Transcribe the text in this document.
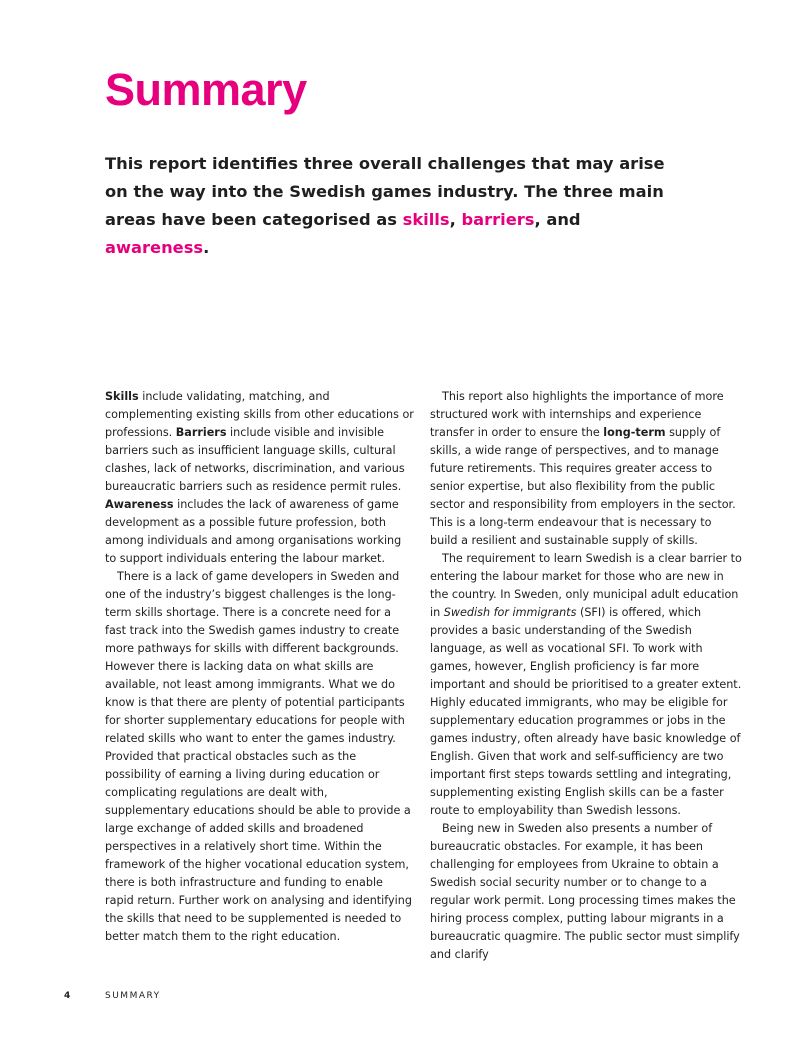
Summary

This report identifies three overall challenges that may arise on the way into the Swedish games industry. The three main areas have been categorised as skills, barriers, and awareness.

Skills include validating, matching, and complementing existing skills from other educations or professions. Barriers include visible and invisible barriers such as insufficient language skills, cultural clashes, lack of networks, discrimination, and various bureaucratic barriers such as residence permit rules. Awareness includes the lack of awareness of game development as a possible future profession, both among individuals and among organisations working to support individuals entering the labour market.

There is a lack of game developers in Sweden and one of the industry’s biggest challenges is the long-term skills shortage. There is a concrete need for a fast track into the Swedish games industry to create more pathways for skills with different backgrounds. However there is lacking data on what skills are available, not least among immigrants. What we do know is that there are plenty of potential participants for shorter supplementary educations for people with related skills who want to enter the games industry. Provided that practical obstacles such as the possibility of earning a living during education or complicating regulations are dealt with, supplementary educations should be able to provide a large exchange of added skills and broadened perspectives in a relatively short time. Within the framework of the higher vocational education system, there is both infrastructure and funding to enable rapid return. Further work on analysing and identifying the skills that need to be supplemented is needed to better match them to the right education.

This report also highlights the importance of more structured work with internships and experience transfer in order to ensure the long-term supply of skills, a wide range of perspectives, and to manage future retirements. This requires greater access to senior expertise, but also flexibility from the public sector and responsibility from employers in the sector. This is a long-term endeavour that is necessary to build a resilient and sustainable supply of skills.

The requirement to learn Swedish is a clear barrier to entering the labour market for those who are new in the country. In Sweden, only municipal adult education in Swedish for immigrants (SFI) is offered, which provides a basic understanding of the Swedish language, as well as vocational SFI. To work with games, however, English proficiency is far more important and should be prioritised to a greater extent. Highly educated immigrants, who may be eligible for supplementary education programmes or jobs in the games industry, often already have basic knowledge of English. Given that work and self-sufficiency are two important first steps towards settling and integrating, supplementing existing English skills can be a faster route to employability than Swedish lessons.

Being new in Sweden also presents a number of bureaucratic obstacles. For example, it has been challenging for employees from Ukraine to obtain a Swedish social security number or to change to a regular work permit. Long processing times makes the hiring process complex, putting labour migrants in a bureaucratic quagmire. The public sector must simplify and clarify

4	SUMMARY
